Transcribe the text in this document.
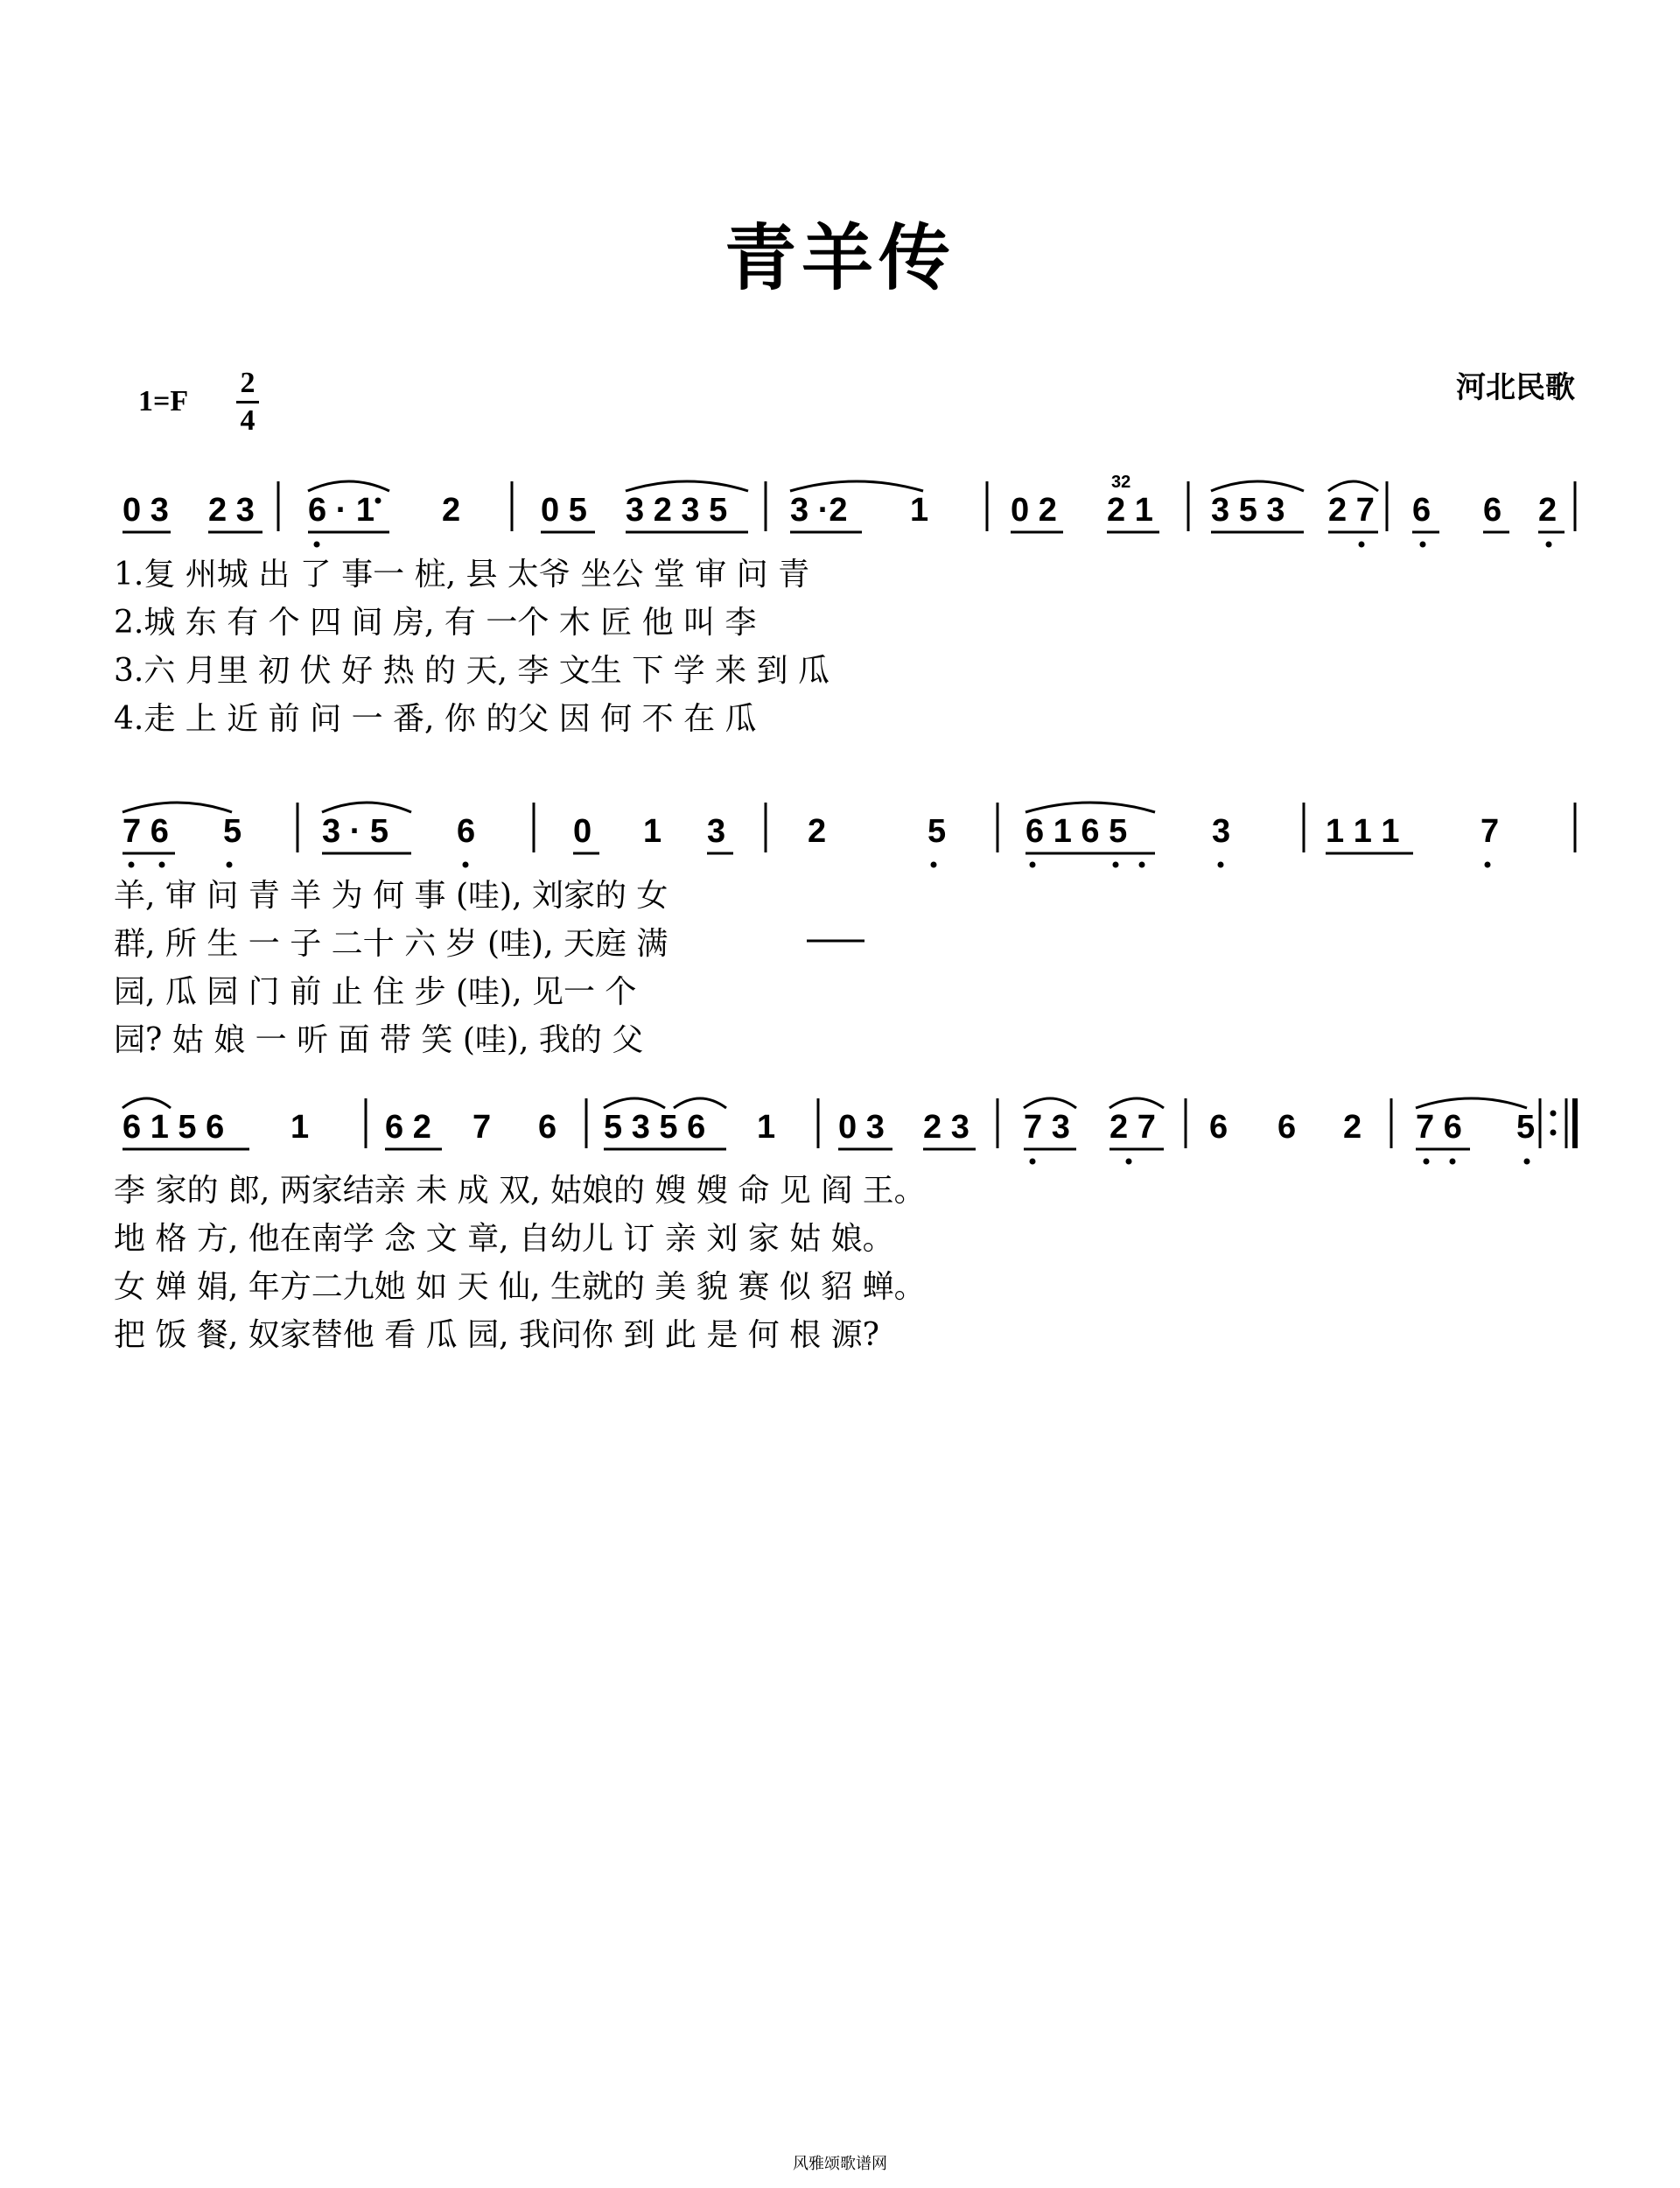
青羊传
1=F
2
4
河北民歌
1.复 州城 出 了 事一 桩, 县 太爷 坐公 堂 审 问 青
2.城 东 有 个 四 间 房, 有 一个 木 匠 他 叫 李
3.六 月里 初 伏 好 热 的 天, 李 文生 下 学 来 到 瓜
4.走 上 近 前 问 一 番, 你 的父 因 何 不 在 瓜
羊, 审 问 青 羊 为 何 事 (哇), 刘家的 女
群, 所 生 一 子 二十 六 岁 (哇), 天庭 满
园, 瓜 园 门 前 止 住 步 (哇), 见一 个
园? 姑 娘 一 听 面 带 笑 (哇), 我的 父
李 家的 郎, 两家结亲 未 成 双, 姑娘的 嫂 嫂 命 见 阎 王。
地 格 方, 他在南学 念 文 章, 自幼儿 订 亲 刘 家 姑 娘。
女 婵 娟, 年方二九她 如 天 仙, 生就的 美 貌 赛 似 貂 蝉。
把 饭 餐, 奴家替他 看 瓜 园, 我问你 到 此 是 何 根 源?
0 3 2 3 6 · 1 2 0 5 3 2 3 5 3 ·2 1 0 2 2 1 3 5 3 2 7 6 6 2
32
7 6 5 3 · 5 6	0 1 3 2	5 6 1 6 5	3	1 1 1 7
6 1 5 6 1 6 2 7 6 5 3 5 6 1 0 3 2 3 7 3 2 7 6 6 2 7 6 5
风雅颂歌谱网
